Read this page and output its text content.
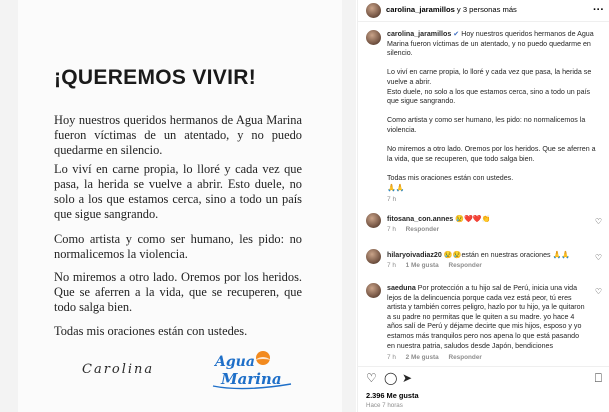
¡QUEREMOS VIVIR!
Hoy nuestros queridos hermanos de Agua Marina fueron víctimas de un atentado, y no puedo quedarme en silencio.
Lo viví en carne propia, lo lloré y cada vez que pasa, la herida se vuelve a abrir. Esto duele, no solo a los que estamos cerca, sino a todo un país que sigue sangrando.
Como artista y como ser humano, les pido: no normalicemos la violencia.
No miremos a otro lado. Oremos por los heridos. Que se aferren a la vida, que se recuperen, que todo salga bien.
Todas mis oraciones están con ustedes.
Carolina	Agua
Marina
carolina_jaramillos y 3 personas más	···
carolina_jaramillos ✔ Hoy nuestros queridos hermanos de Agua Marina fueron víctimas de un atentado, y no puedo quedarme en silencio.
Lo viví en carne propia, lo lloré y cada vez que pasa, la herida se vuelve a abrir.
Esto duele, no solo a los que estamos cerca, sino a todo un país que sigue sangrando.
Como artista y como ser humano, les pido: no normalicemos la violencia.
No miremos a otro lado. Oremos por los heridos. Que se aferren a la vida, que se recuperen, que todo salga bien.
Todas mis oraciones están con ustedes.
🙏🙏
7 h
fitosana_con.annes 😢❤️❤️👏
7 h Responder
♡
hilaryoivadiaz20 😢😢están en nuestras oraciones 🙏🙏
7 h 1 Me gusta Responder
♡
saeduna Por protección a tu hijo sal de Perú, inicia una vida lejos de la delincuencia porque cada vez está peor, tú eres artista y también corres peligro, hazlo por tu hijo, ya le quitaron a su padre no permitas que le quiten a su madre. yo hace 4 años salí de Perú y déjame decirte que mis hijos, esposo y yo estamos más tranquilos pero nos apena lo que está pasando en nuestra patria, saludos desde Japón, bendiciones
7 h 2 Me gusta Responder
♡
♡ ◯ ➤	⎕
2.396 Me gusta
Hace 7 horas
